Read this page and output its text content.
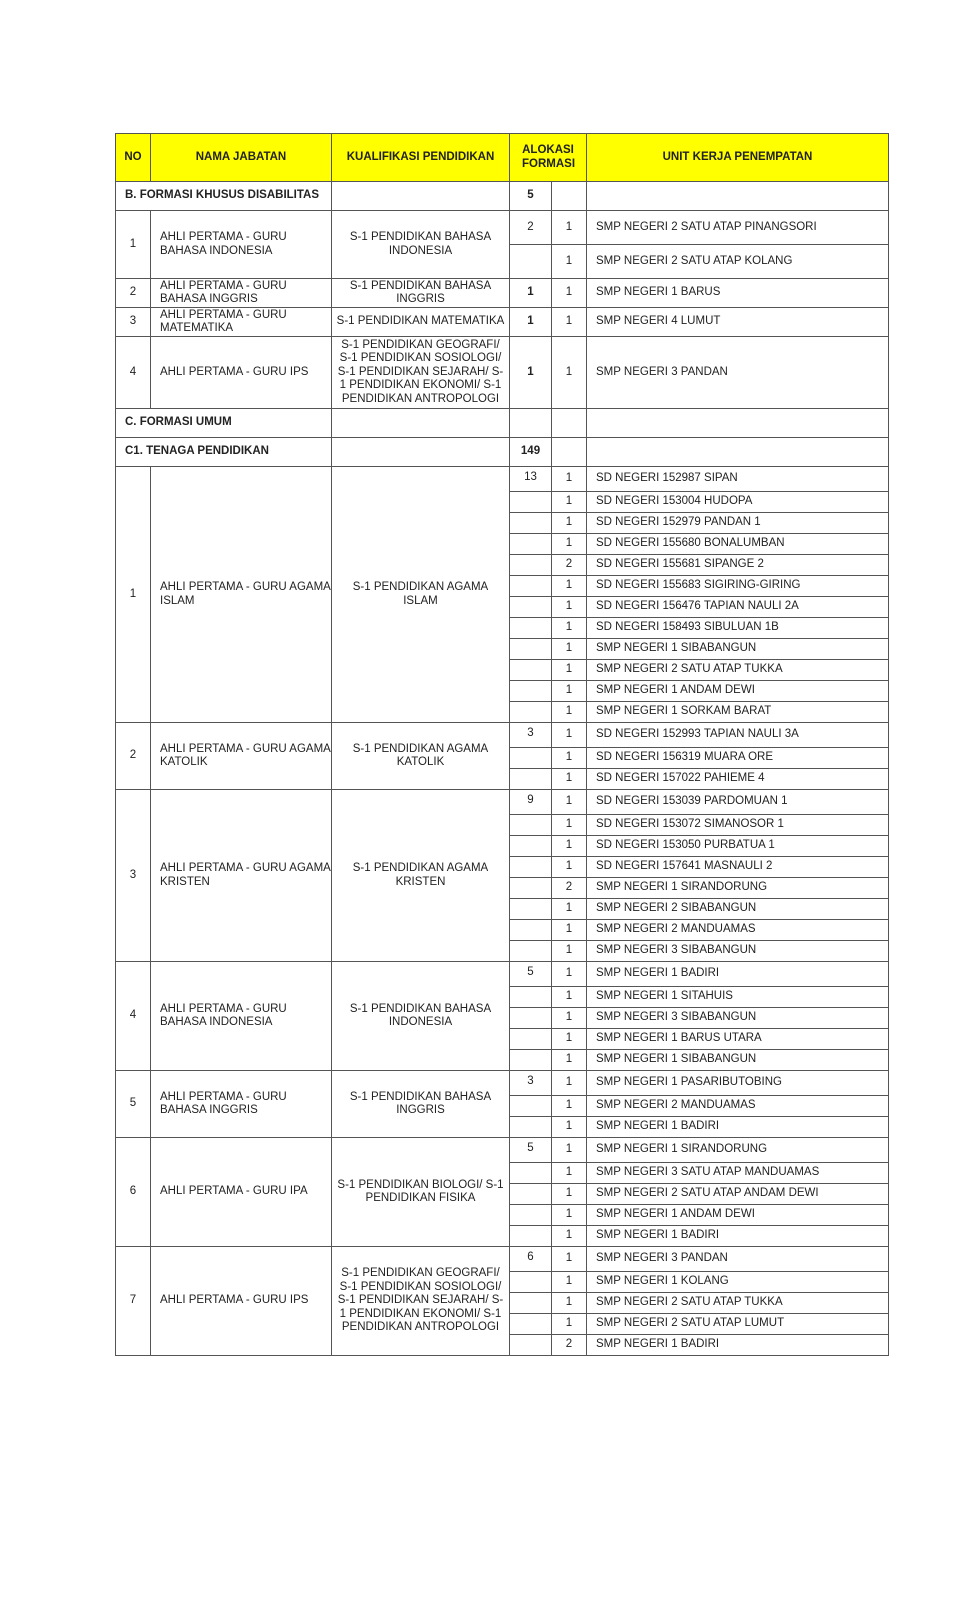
NO	NAMA JABATAN	KUALIFIKASI PENDIDIKAN	ALOKASI FORMASI		UNIT KERJA PENEMPATAN
B. FORMASI KHUSUS DISABILITAS			5		
1	AHLI PERTAMA - GURU BAHASA INDONESIA	S-1 PENDIDIKAN BAHASA INDONESIA	2	1	SMP NEGERI 2 SATU ATAP PINANGSORI
				1	SMP NEGERI 2 SATU ATAP KOLANG
2	AHLI PERTAMA - GURU BAHASA INGGRIS	S-1 PENDIDIKAN BAHASA INGGRIS	1	1	SMP NEGERI 1 BARUS
3	AHLI PERTAMA - GURU MATEMATIKA	S-1 PENDIDIKAN MATEMATIKA	1	1	SMP NEGERI 4 LUMUT
4	AHLI PERTAMA - GURU IPS	S-1 PENDIDIKAN GEOGRAFI/ S-1 PENDIDIKAN SOSIOLOGI/ S-1 PENDIDIKAN SEJARAH/ S-1 PENDIDIKAN EKONOMI/ S-1 PENDIDIKAN ANTROPOLOGI	1	1	SMP NEGERI 3 PANDAN
C. FORMASI UMUM					
C1. TENAGA PENDIDIKAN			149		
1	AHLI PERTAMA - GURU AGAMA ISLAM	S-1 PENDIDIKAN AGAMA ISLAM	13	1	SD NEGERI 152987 SIPAN
				1	SD NEGERI 153004 HUDOPA
				1	SD NEGERI 152979 PANDAN 1
				1	SD NEGERI 155680 BONALUMBAN
				2	SD NEGERI 155681 SIPANGE 2
				1	SD NEGERI 155683 SIGIRING-GIRING
				1	SD NEGERI 156476 TAPIAN NAULI 2A
				1	SD NEGERI 158493 SIBULUAN 1B
				1	SMP NEGERI 1 SIBABANGUN
				1	SMP NEGERI 2 SATU ATAP TUKKA
				1	SMP NEGERI 1 ANDAM DEWI
				1	SMP NEGERI 1 SORKAM BARAT
2	AHLI PERTAMA - GURU AGAMA KATOLIK	S-1 PENDIDIKAN AGAMA KATOLIK	3	1	SD NEGERI 152993 TAPIAN NAULI 3A
				1	SD NEGERI 156319 MUARA ORE
				1	SD NEGERI 157022 PAHIEME 4
3	AHLI PERTAMA - GURU AGAMA KRISTEN	S-1 PENDIDIKAN AGAMA KRISTEN	9	1	SD NEGERI 153039 PARDOMUAN 1
				1	SD NEGERI 153072 SIMANOSOR 1
				1	SD NEGERI 153050 PURBATUA 1
				1	SD NEGERI 157641 MASNAULI 2
				2	SMP NEGERI 1 SIRANDORUNG
				1	SMP NEGERI 2 SIBABANGUN
				1	SMP NEGERI 2 MANDUAMAS
				1	SMP NEGERI 3 SIBABANGUN
4	AHLI PERTAMA - GURU BAHASA INDONESIA	S-1 PENDIDIKAN BAHASA INDONESIA	5	1	SMP NEGERI 1 BADIRI
				1	SMP NEGERI 1 SITAHUIS
				1	SMP NEGERI 3 SIBABANGUN
				1	SMP NEGERI 1 BARUS UTARA
				1	SMP NEGERI 1 SIBABANGUN
5	AHLI PERTAMA - GURU BAHASA INGGRIS	S-1 PENDIDIKAN BAHASA INGGRIS	3	1	SMP NEGERI 1 PASARIBUTOBING
				1	SMP NEGERI 2 MANDUAMAS
				1	SMP NEGERI 1 BADIRI
6	AHLI PERTAMA - GURU IPA	S-1 PENDIDIKAN BIOLOGI/ S-1 PENDIDIKAN FISIKA	5	1	SMP NEGERI 1 SIRANDORUNG
				1	SMP NEGERI 3 SATU ATAP MANDUAMAS
				1	SMP NEGERI 2 SATU ATAP ANDAM DEWI
				1	SMP NEGERI 1 ANDAM DEWI
				1	SMP NEGERI 1 BADIRI
7	AHLI PERTAMA - GURU IPS	S-1 PENDIDIKAN GEOGRAFI/ S-1 PENDIDIKAN SOSIOLOGI/ S-1 PENDIDIKAN SEJARAH/ S-1 PENDIDIKAN EKONOMI/ S-1 PENDIDIKAN ANTROPOLOGI	6	1	SMP NEGERI 3 PANDAN
				1	SMP NEGERI 1 KOLANG
				1	SMP NEGERI 2 SATU ATAP TUKKA
				1	SMP NEGERI 2 SATU ATAP LUMUT
				2	SMP NEGERI 1 BADIRI
